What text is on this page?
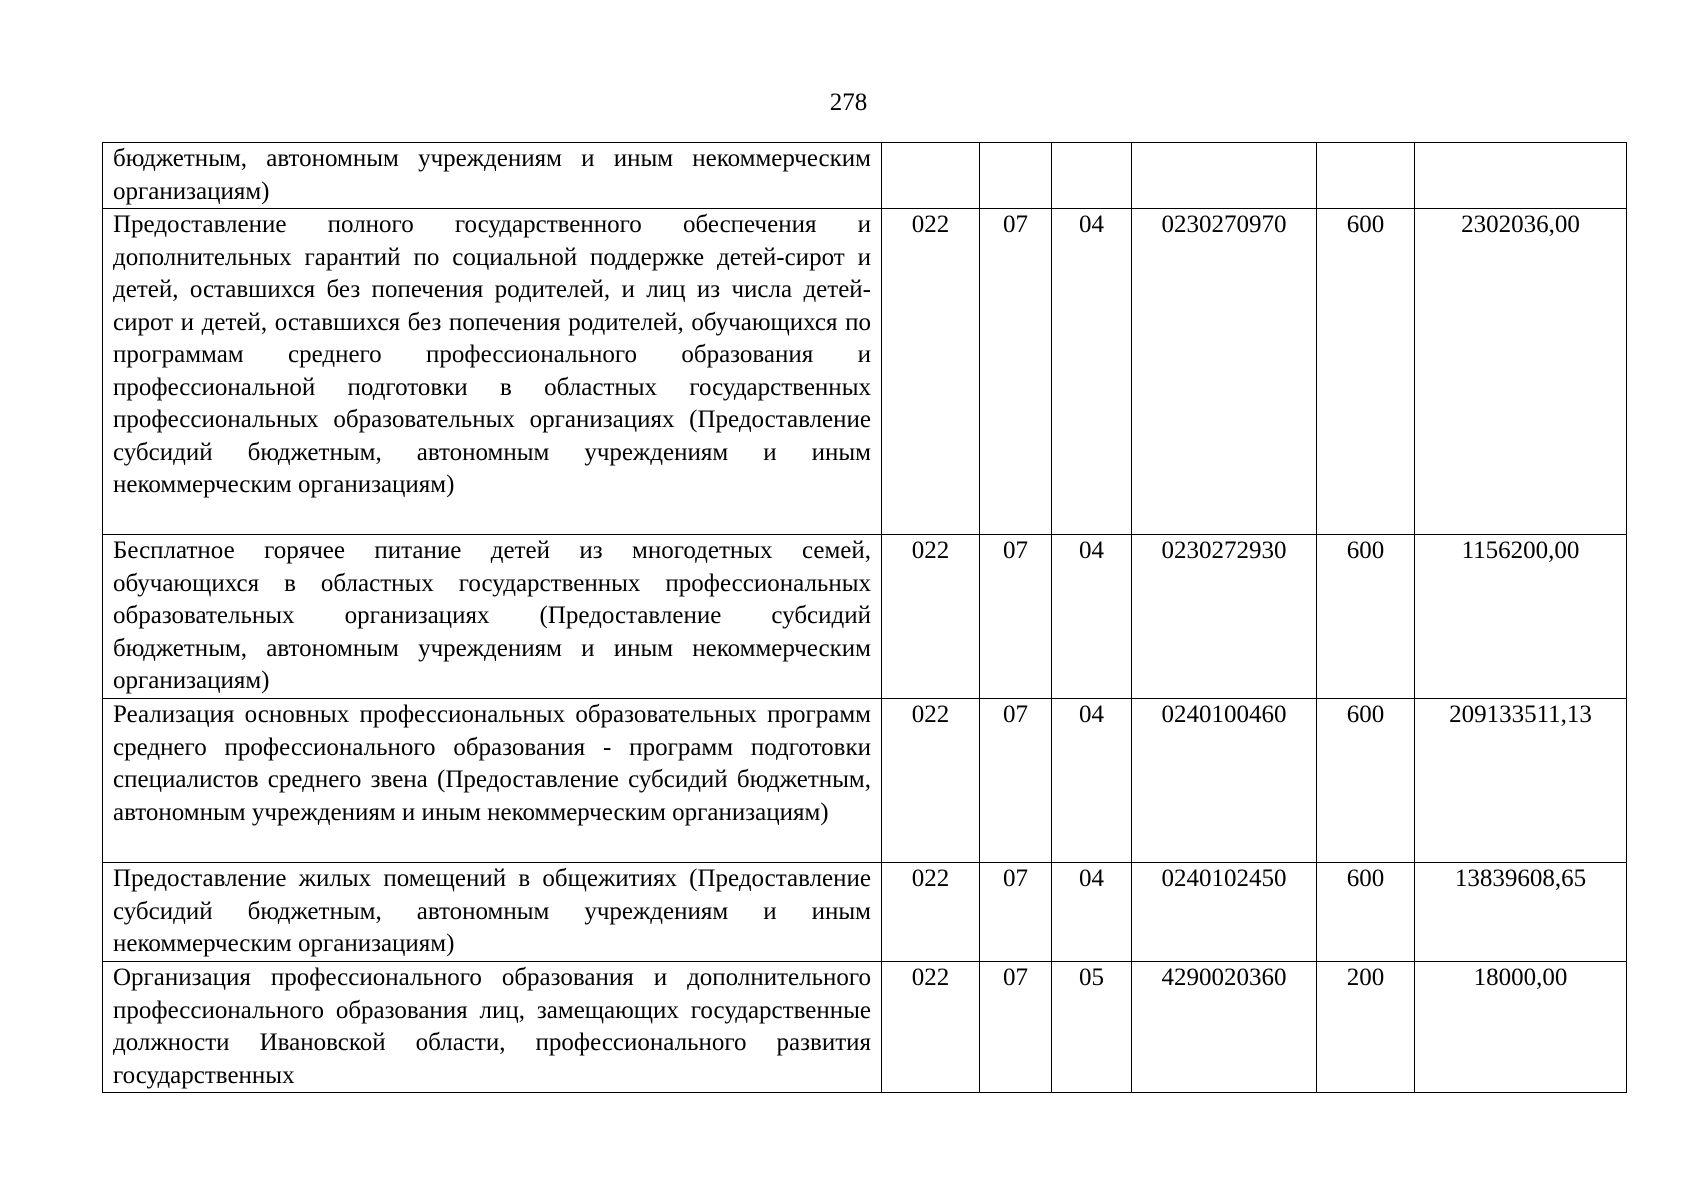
278
бюджетным, автономным учреждениям и иным некоммерческим организациям)						
Предоставление полного государственного обеспечения и дополнительных гарантий по социальной поддержке детей-сирот и детей, оставшихся без попечения родителей, и лиц из числа детей-сирот и детей, оставшихся без попечения родителей, обучающихся по программам среднего профессионального образования и профессиональной подготовки в областных государственных профессиональных образовательных организациях (Предоставление субсидий бюджетным, автономным учреждениям и иным некоммерческим организациям)	022	07	04	0230270970	600	2302036,00
Бесплатное горячее питание детей из многодетных семей, обучающихся в областных государственных профессиональных образовательных организациях (Предоставление субсидий бюджетным, автономным учреждениям и иным некоммерческим организациям)	022	07	04	0230272930	600	1156200,00
Реализация основных профессиональных образовательных программ среднего профессионального образования - программ подготовки специалистов среднего звена (Предоставление субсидий бюджетным, автономным учреждениям и иным некоммерческим организациям)	022	07	04	0240100460	600	209133511,13
Предоставление жилых помещений в общежитиях (Предоставление субсидий бюджетным, автономным учреждениям и иным некоммерческим организациям)	022	07	04	0240102450	600	13839608,65
Организация профессионального образования и дополнительного профессионального образования лиц, замещающих государственные должности Ивановской области, профессионального развития государственных	022	07	05	4290020360	200	18000,00
